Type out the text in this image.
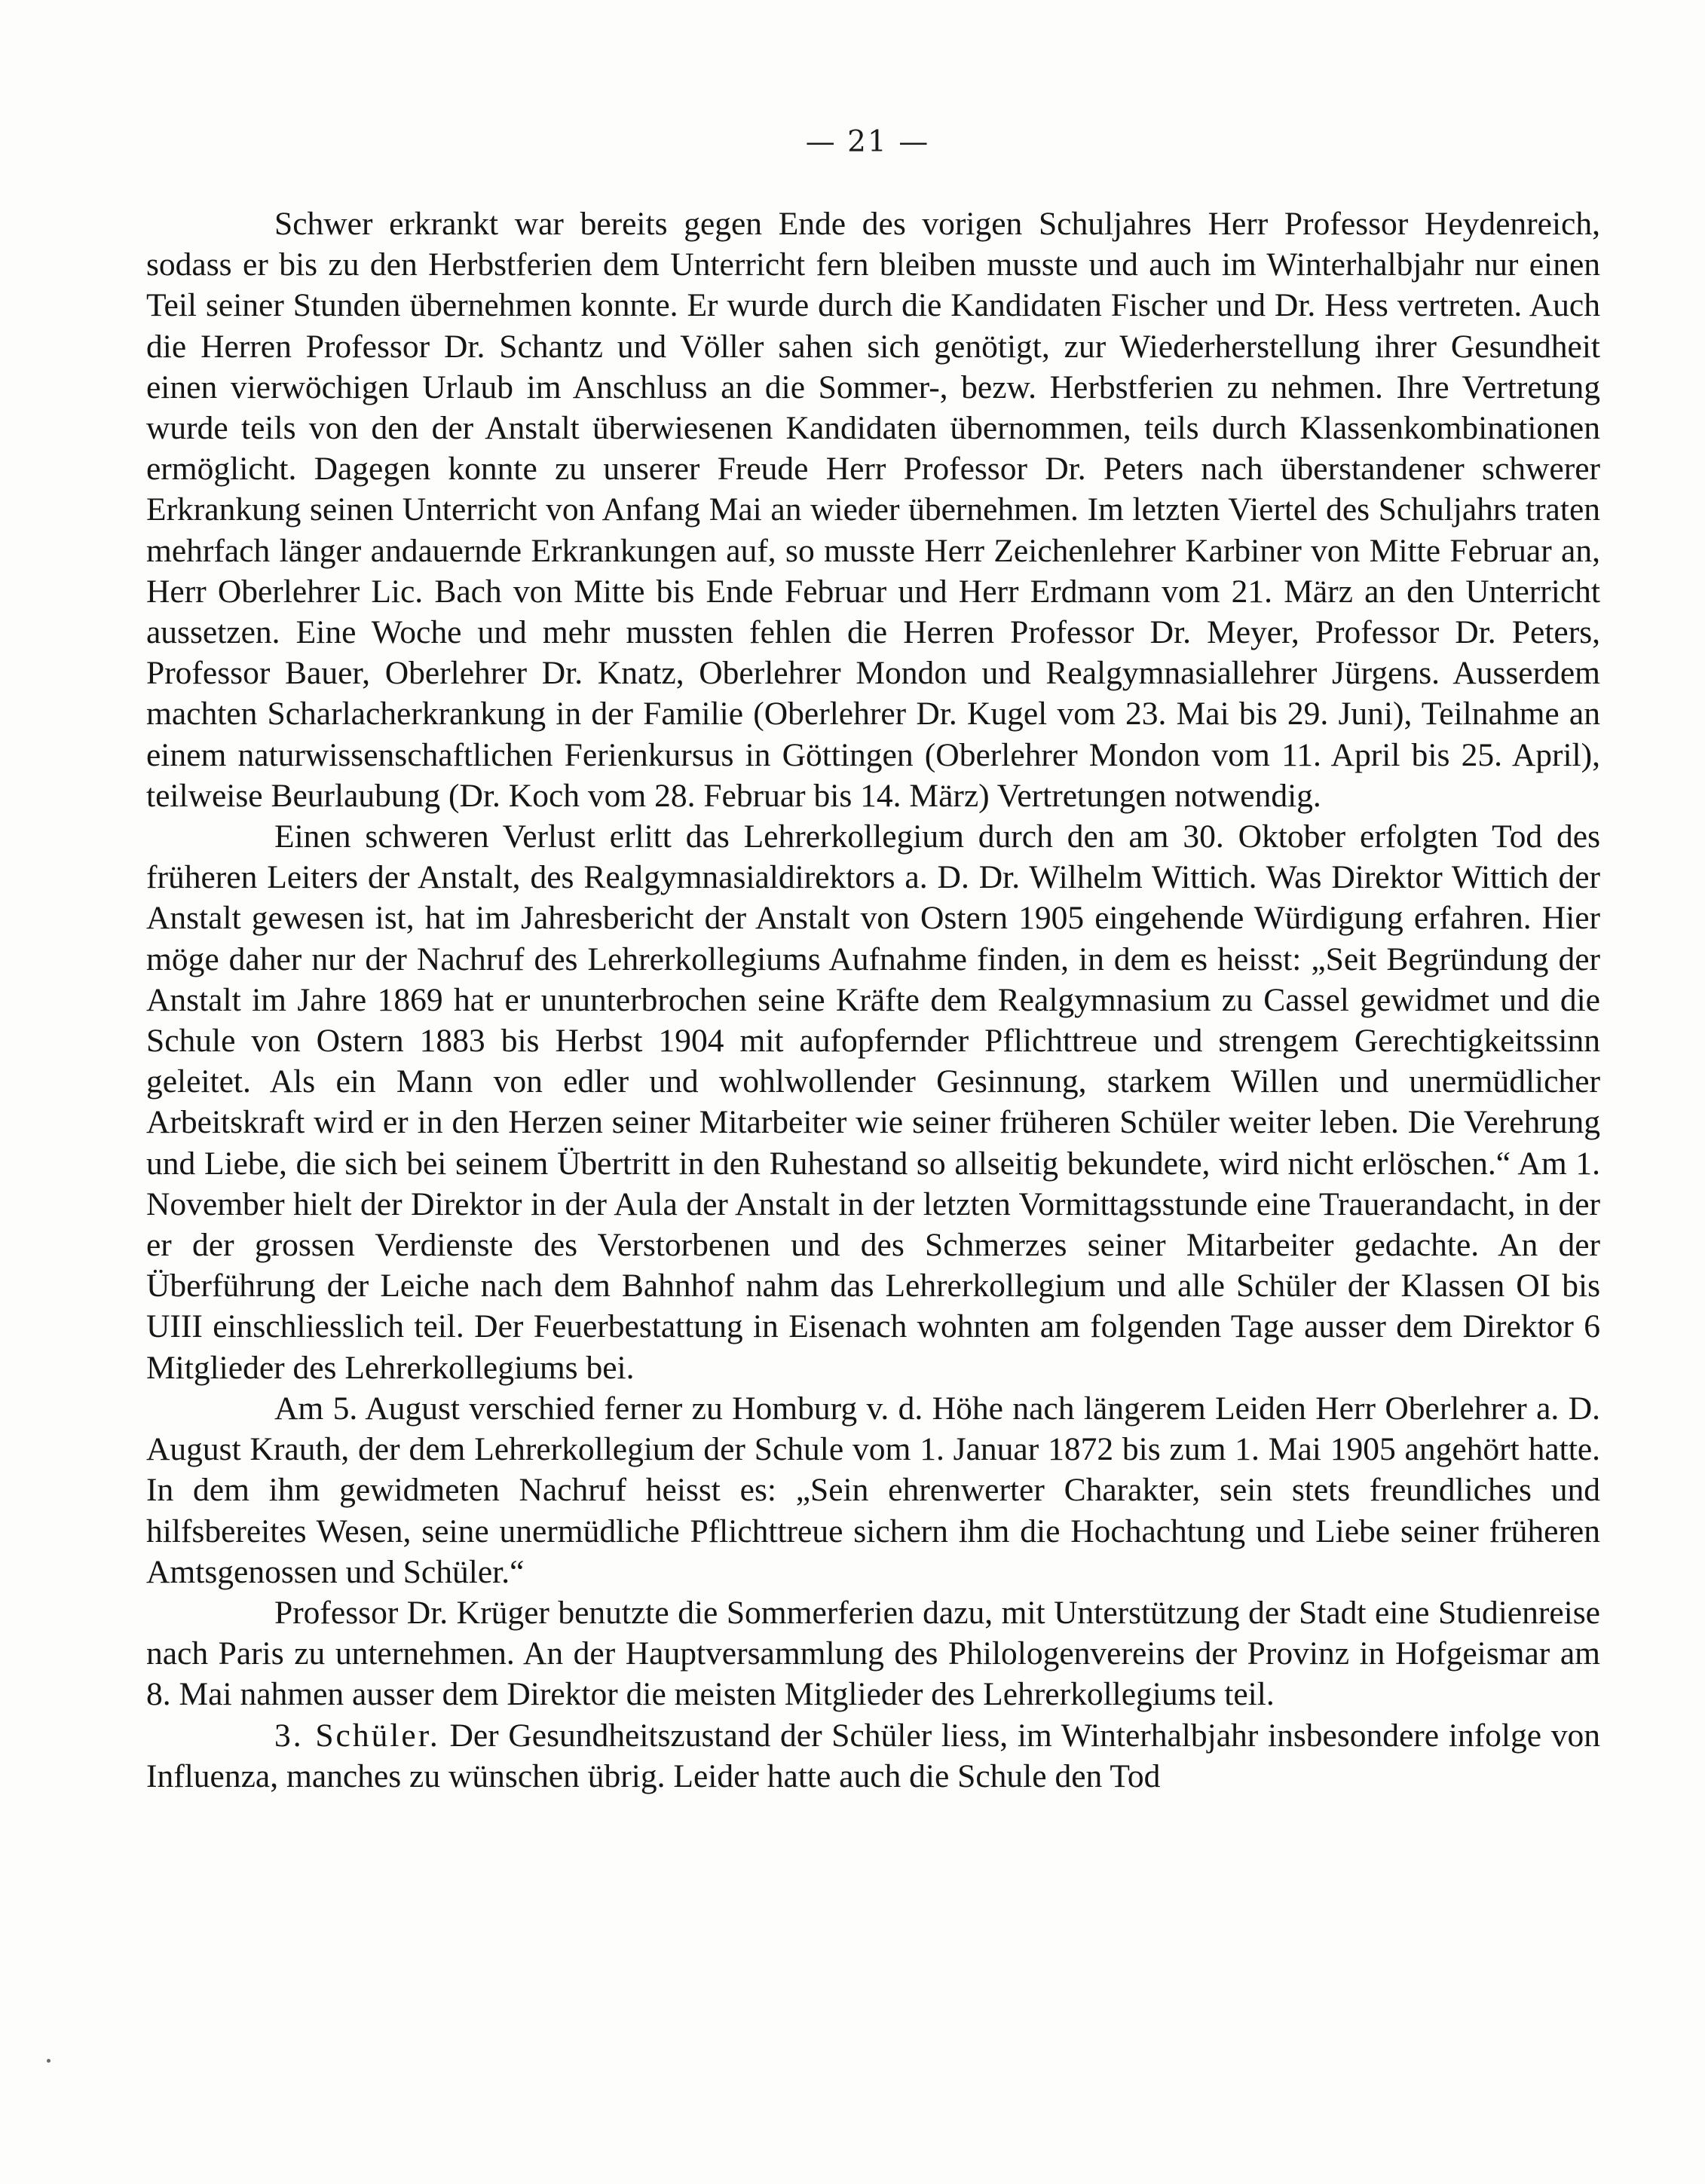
— 21 —

Schwer erkrankt war bereits gegen Ende des vorigen Schuljahres Herr Professor Heydenreich, sodass er bis zu den Herbstferien dem Unterricht fern bleiben musste und auch im Winterhalbjahr nur einen Teil seiner Stunden übernehmen konnte. Er wurde durch die Kandidaten Fischer und Dr. Hess vertreten. Auch die Herren Professor Dr. Schantz und Völler sahen sich genötigt, zur Wiederherstellung ihrer Gesundheit einen vierwöchigen Urlaub im Anschluss an die Sommer-, bezw. Herbstferien zu nehmen. Ihre Vertretung wurde teils von den der Anstalt überwiesenen Kandidaten übernommen, teils durch Klassenkombinationen ermöglicht. Dagegen konnte zu unserer Freude Herr Professor Dr. Peters nach überstandener schwerer Erkrankung seinen Unterricht von Anfang Mai an wieder übernehmen. Im letzten Viertel des Schuljahrs traten mehrfach länger andauernde Erkrankungen auf, so musste Herr Zeichenlehrer Karbiner von Mitte Februar an, Herr Oberlehrer Lic. Bach von Mitte bis Ende Februar und Herr Erdmann vom 21. März an den Unterricht aussetzen. Eine Woche und mehr mussten fehlen die Herren Professor Dr. Meyer, Professor Dr. Peters, Professor Bauer, Oberlehrer Dr. Knatz, Oberlehrer Mondon und Realgymnasiallehrer Jürgens. Ausserdem machten Scharlacherkrankung in der Familie (Oberlehrer Dr. Kugel vom 23. Mai bis 29. Juni), Teilnahme an einem naturwissenschaftlichen Ferienkursus in Göttingen (Oberlehrer Mondon vom 11. April bis 25. April), teilweise Beurlaubung (Dr. Koch vom 28. Februar bis 14. März) Vertretungen notwendig.

Einen schweren Verlust erlitt das Lehrerkollegium durch den am 30. Oktober erfolgten Tod des früheren Leiters der Anstalt, des Realgymnasialdirektors a. D. Dr. Wilhelm Wittich. Was Direktor Wittich der Anstalt gewesen ist, hat im Jahresbericht der Anstalt von Ostern 1905 eingehende Würdigung erfahren. Hier möge daher nur der Nachruf des Lehrerkollegiums Aufnahme finden, in dem es heisst: „Seit Begründung der Anstalt im Jahre 1869 hat er ununterbrochen seine Kräfte dem Realgymnasium zu Cassel gewidmet und die Schule von Ostern 1883 bis Herbst 1904 mit aufopfernder Pflichttreue und strengem Gerechtigkeitssinn geleitet. Als ein Mann von edler und wohlwollender Gesinnung, starkem Willen und unermüdlicher Arbeitskraft wird er in den Herzen seiner Mitarbeiter wie seiner früheren Schüler weiter leben. Die Verehrung und Liebe, die sich bei seinem Übertritt in den Ruhestand so allseitig bekundete, wird nicht erlöschen.“ Am 1. November hielt der Direktor in der Aula der Anstalt in der letzten Vormittagsstunde eine Trauerandacht, in der er der grossen Verdienste des Verstorbenen und des Schmerzes seiner Mitarbeiter gedachte. An der Überführung der Leiche nach dem Bahnhof nahm das Lehrerkollegium und alle Schüler der Klassen OI bis UIII einschliesslich teil. Der Feuerbestattung in Eisenach wohnten am folgenden Tage ausser dem Direktor 6 Mitglieder des Lehrerkollegiums bei.

Am 5. August verschied ferner zu Homburg v. d. Höhe nach längerem Leiden Herr Oberlehrer a. D. August Krauth, der dem Lehrerkollegium der Schule vom 1. Januar 1872 bis zum 1. Mai 1905 angehört hatte. In dem ihm gewidmeten Nachruf heisst es: „Sein ehrenwerter Charakter, sein stets freundliches und hilfsbereites Wesen, seine unermüdliche Pflichttreue sichern ihm die Hochachtung und Liebe seiner früheren Amtsgenossen und Schüler.“

Professor Dr. Krüger benutzte die Sommerferien dazu, mit Unterstützung der Stadt eine Studienreise nach Paris zu unternehmen. An der Hauptversammlung des Philologenvereins der Provinz in Hofgeismar am 8. Mai nahmen ausser dem Direktor die meisten Mitglieder des Lehrerkollegiums teil.

3. Schüler. Der Gesundheitszustand der Schüler liess, im Winterhalbjahr insbesondere infolge von Influenza, manches zu wünschen übrig. Leider hatte auch die Schule den Tod
